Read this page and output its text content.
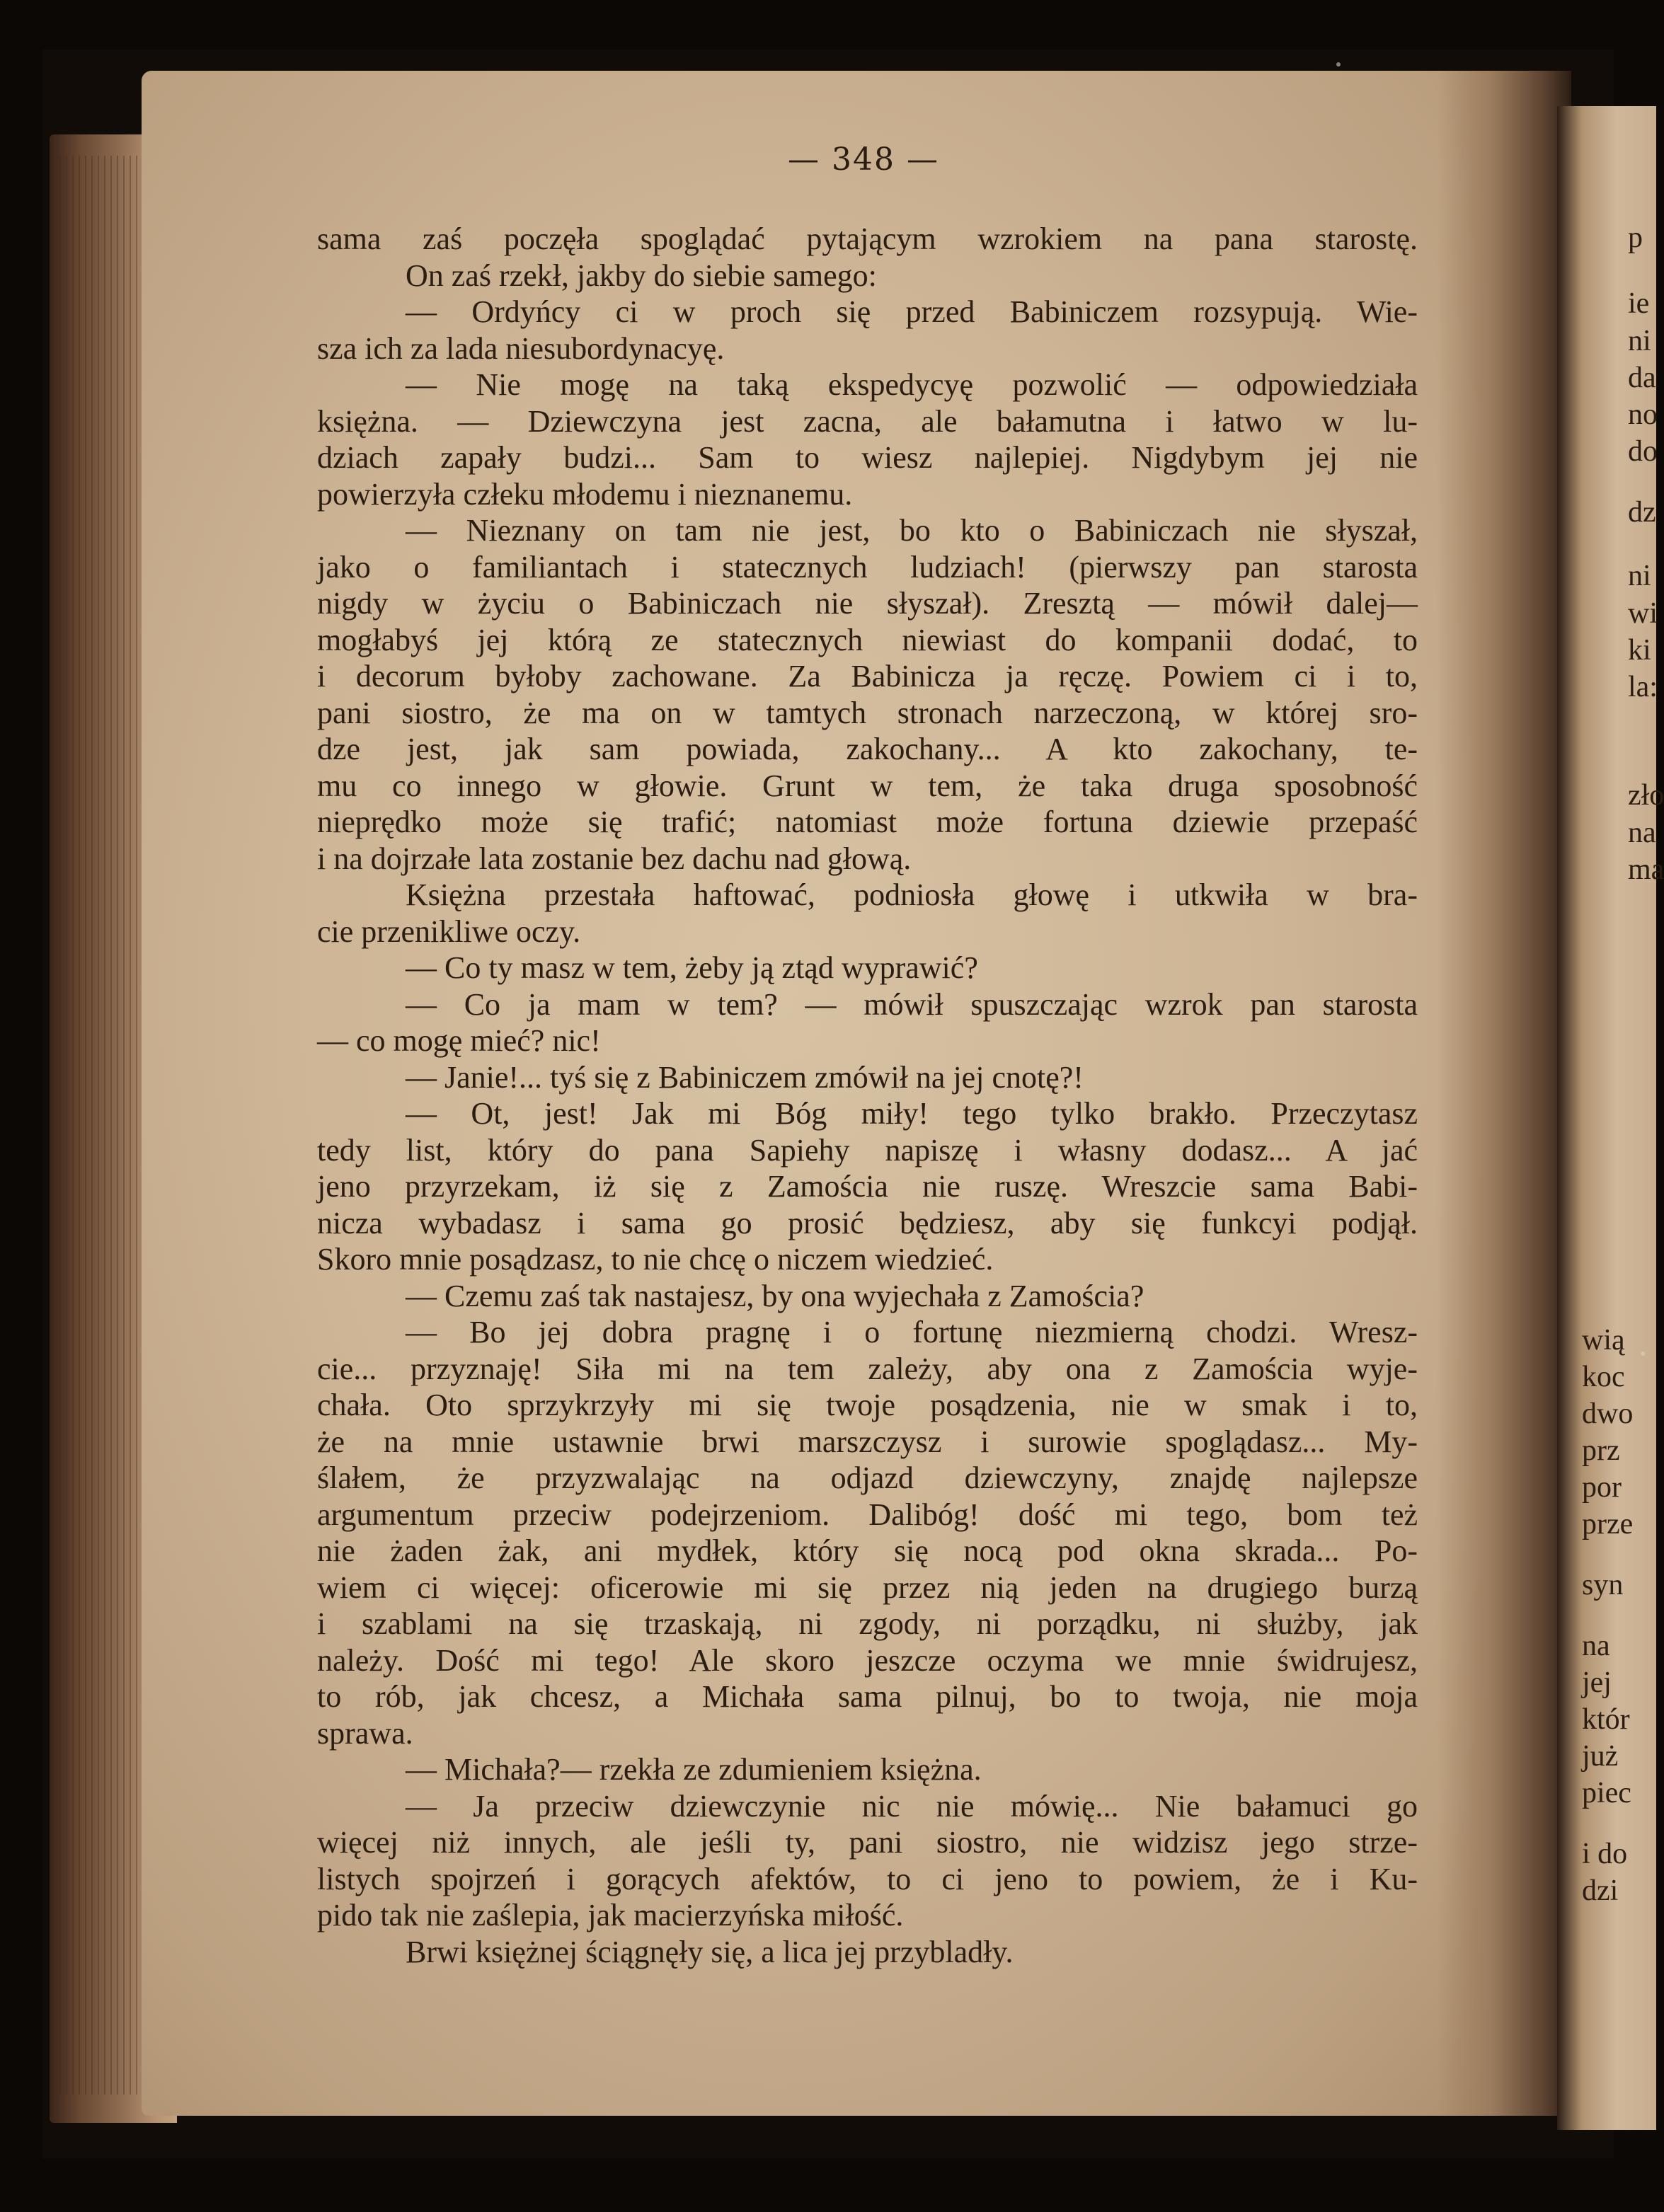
— 348 —
sama zaś poczęła spoglądać pytającym wzrokiem na pana starostę.
On zaś rzekł, jakby do siebie samego:
— Ordyńcy ci w proch się przed Babiniczem rozsypują. Wie-
sza ich za lada niesubordynacyę.
— Nie mogę na taką ekspedycyę pozwolić — odpowiedziała
księżna. — Dziewczyna jest zacna, ale bałamutna i łatwo w lu-
dziach zapały budzi... Sam to wiesz najlepiej. Nigdybym jej nie
powierzyła człeku młodemu i nieznanemu.
— Nieznany on tam nie jest, bo kto o Babiniczach nie słyszał,
jako o familiantach i statecznych ludziach! (pierwszy pan starosta
nigdy w życiu o Babiniczach nie słyszał). Zresztą — mówił dalej—
mogłabyś jej którą ze statecznych niewiast do kompanii dodać, to
i decorum byłoby zachowane. Za Babinicza ja ręczę. Powiem ci i to,
pani siostro, że ma on w tamtych stronach narzeczoną, w której sro-
dze jest, jak sam powiada, zakochany... A kto zakochany, te-
mu co innego w głowie. Grunt w tem, że taka druga sposobność
nieprędko może się trafić; natomiast może fortuna dziewie przepaść
i na dojrzałe lata zostanie bez dachu nad głową.
Księżna przestała haftować, podniosła głowę i utkwiła w bra-
cie przenikliwe oczy.
— Co ty masz w tem, żeby ją ztąd wyprawić?
— Co ja mam w tem? — mówił spuszczając wzrok pan starosta
— co mogę mieć? nic!
— Janie!... tyś się z Babiniczem zmówił na jej cnotę?!
— Ot, jest! Jak mi Bóg miły! tego tylko brakło. Przeczytasz
tedy list, który do pana Sapiehy napiszę i własny dodasz... A jać
jeno przyrzekam, iż się z Zamościa nie ruszę. Wreszcie sama Babi-
nicza wybadasz i sama go prosić będziesz, aby się funkcyi podjął.
Skoro mnie posądzasz, to nie chcę o niczem wiedzieć.
— Czemu zaś tak nastajesz, by ona wyjechała z Zamościa?
— Bo jej dobra pragnę i o fortunę niezmierną chodzi. Wresz-
cie... przyznaję! Siła mi na tem zależy, aby ona z Zamościa wyje-
chała. Oto sprzykrzyły mi się twoje posądzenia, nie w smak i to,
że na mnie ustawnie brwi marszczysz i surowie spoglądasz... My-
ślałem, że przyzwalając na odjazd dziewczyny, znajdę najlepsze
argumentum przeciw podejrzeniom. Dalibóg! dość mi tego, bom też
nie żaden żak, ani mydłek, który się nocą pod okna skrada... Po-
wiem ci więcej: oficerowie mi się przez nią jeden na drugiego burzą
i szablami na się trzaskają, ni zgody, ni porządku, ni służby, jak
należy. Dość mi tego! Ale skoro jeszcze oczyma we mnie świdrujesz,
to rób, jak chcesz, a Michała sama pilnuj, bo to twoja, nie moja
sprawa.
— Michała?— rzekła ze zdumieniem księżna.
— Ja przeciw dziewczynie nic nie mówię... Nie bałamuci go
więcej niż innych, ale jeśli ty, pani siostro, nie widzisz jego strze-
listych spojrzeń i gorących afektów, to ci jeno to powiem, że i Ku-
pido tak nie zaślepia, jak macierzyńska miłość.
Brwi księżnej ściągnęły się, a lica jej przybladły.
p
ie
ni
da
no
do
dz
ni
wi
ki
la:
zło
na
ma
wią
koc
dwo
prz
por
prze
syn
na
jej
któr
już
piec
i do
dzi
